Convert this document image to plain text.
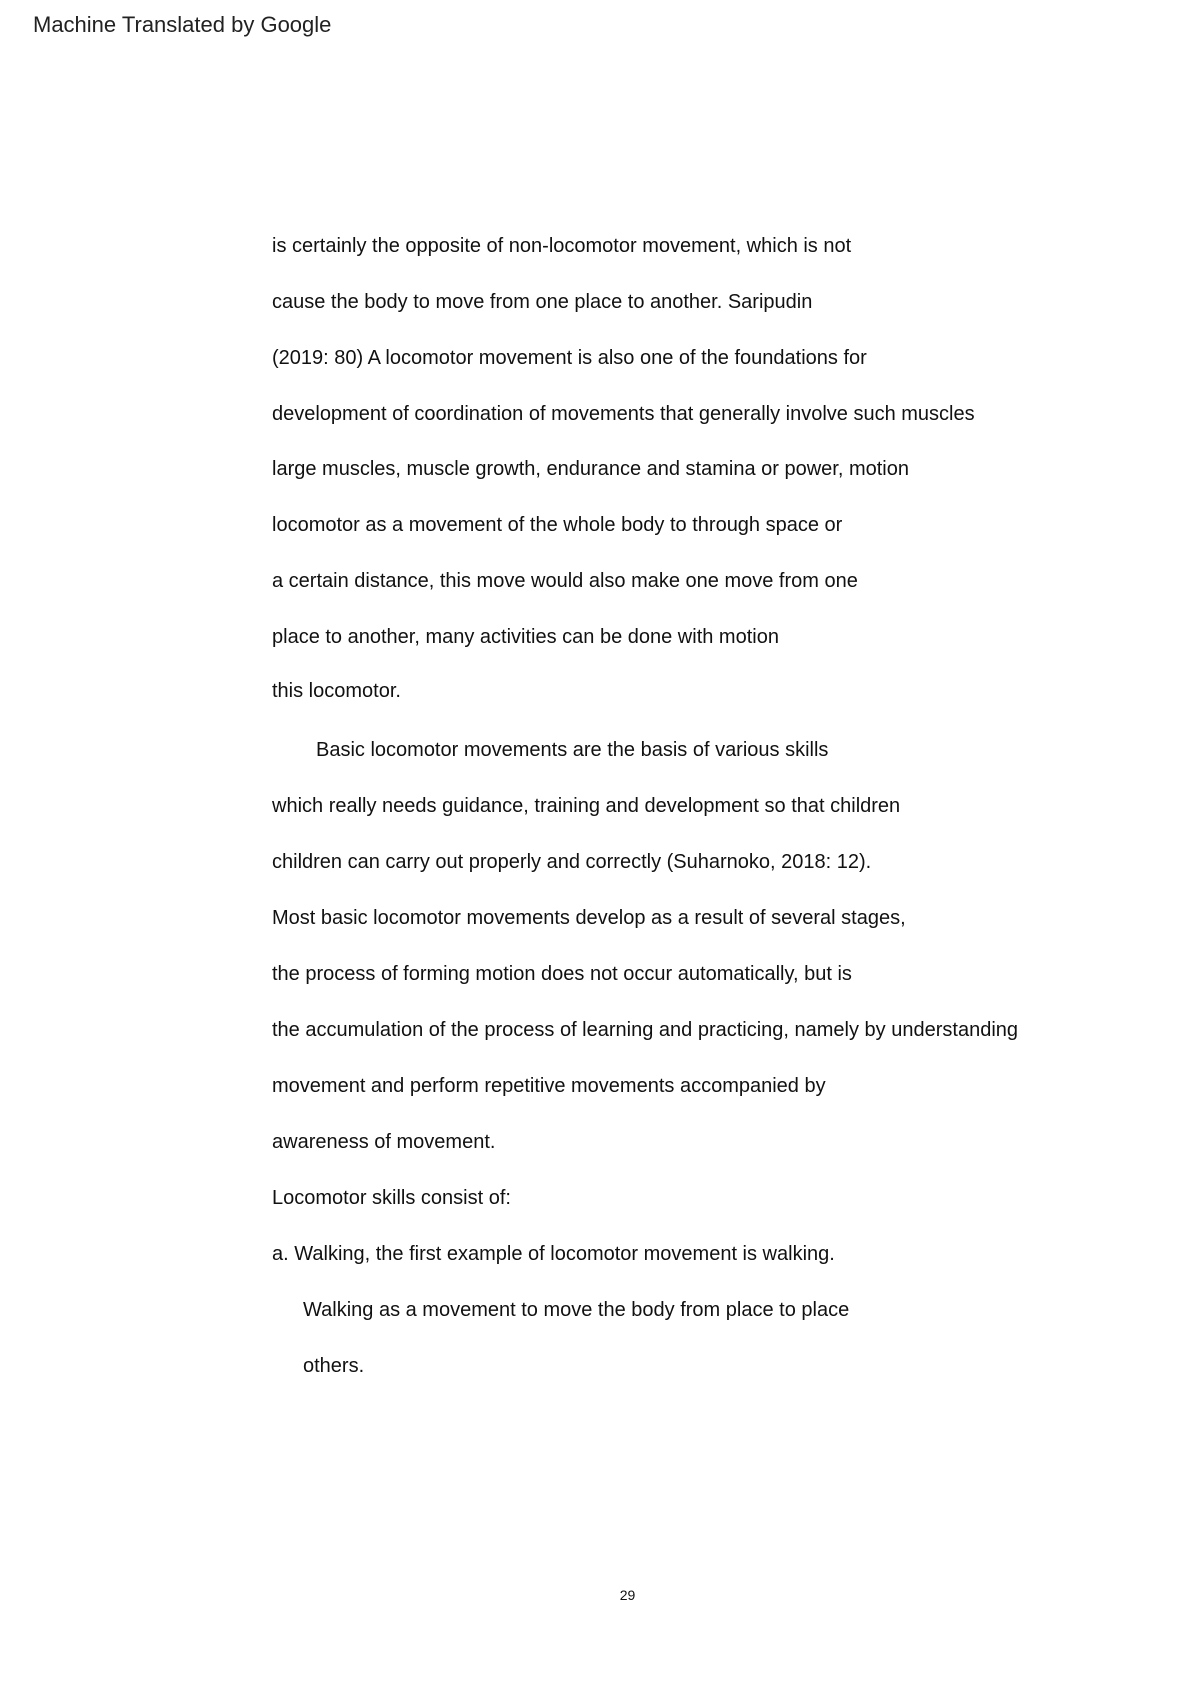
Machine Translated by Google
is certainly the opposite of non-locomotor movement, which is not
cause the body to move from one place to another. Saripudin
(2019: 80) A locomotor movement is also one of the foundations for
development of coordination of movements that generally involve such muscles
large muscles, muscle growth, endurance and stamina or power, motion
locomotor as a movement of the whole body to through space or
a certain distance, this move would also make one move from one
place to another, many activities can be done with motion
this locomotor.
Basic locomotor movements are the basis of various skills
which really needs guidance, training and development so that children
children can carry out properly and correctly (Suharnoko, 2018: 12).
Most basic locomotor movements develop as a result of several stages,
the process of forming motion does not occur automatically, but is
the accumulation of the process of learning and practicing, namely by understanding
movement and perform repetitive movements accompanied by
awareness of movement.
Locomotor skills consist of:
a. Walking, the first example of locomotor movement is walking.
Walking as a movement to move the body from place to place
others.
29
